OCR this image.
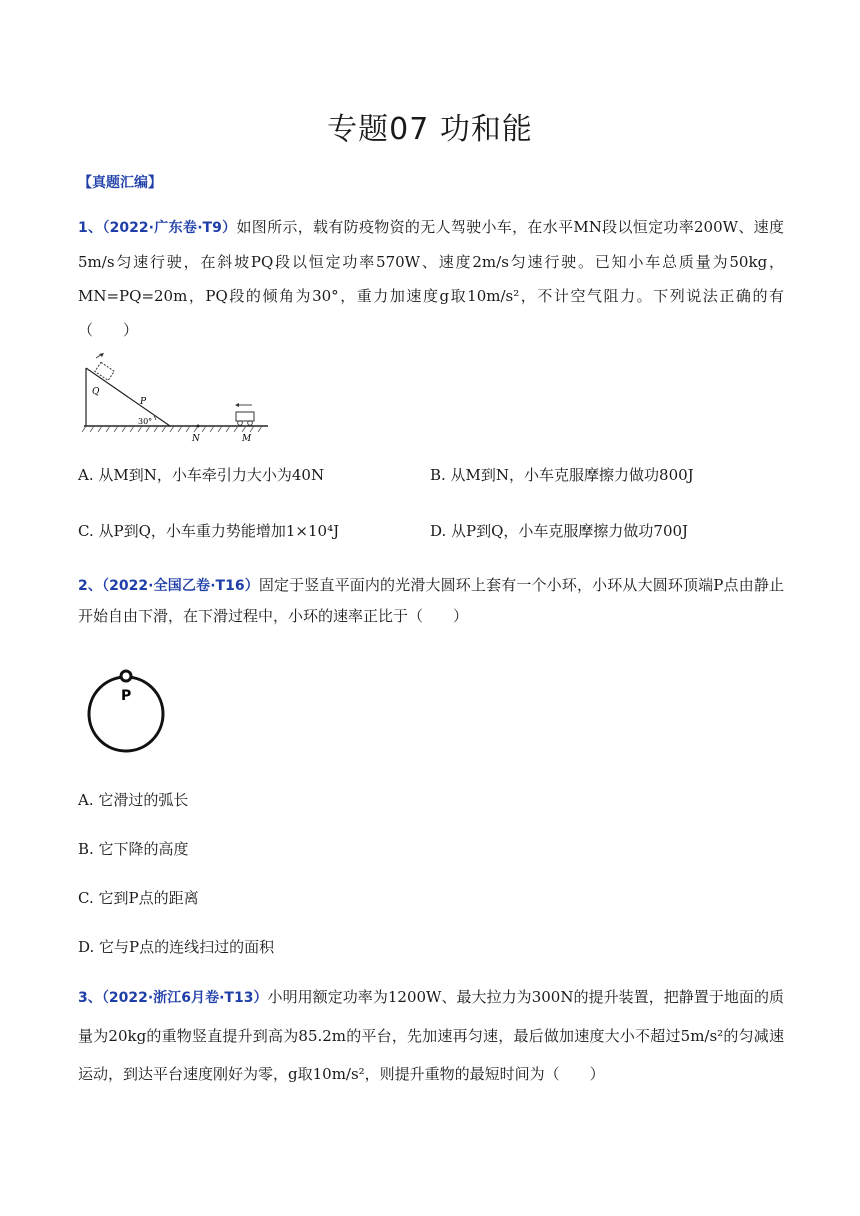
专题07 功和能
【真题汇编】
1、（2022·广东卷·T9）如图所示，载有防疫物资的无人驾驶小车，在水平MN段以恒定功率200W、速度5m/s匀速行驶，在斜坡PQ段以恒定功率570W、速度2m/s匀速行驶。已知小车总质量为50kg，MN=PQ=20m，PQ段的倾角为30°，重力加速度g取10m/s²，不计空气阻力。下列说法正确的有（　　）
Q
P
30°
N	M
A. 从M到N，小车牵引力大小为40N	B. 从M到N，小车克服摩擦力做功800J
C. 从P到Q，小车重力势能增加1×10⁴J	D. 从P到Q，小车克服摩擦力做功700J
2、（2022·全国乙卷·T16）固定于竖直平面内的光滑大圆环上套有一个小环，小环从大圆环顶端P点由静止开始自由下滑，在下滑过程中，小环的速率正比于（　　）
P
A. 它滑过的弧长
B. 它下降的高度
C. 它到P点的距离
D. 它与P点的连线扫过的面积
3、（2022·浙江6月卷·T13）小明用额定功率为1200W、最大拉力为300N的提升装置，把静置于地面的质量为20kg的重物竖直提升到高为85.2m的平台，先加速再匀速，最后做加速度大小不超过5m/s²的匀减速运动，到达平台速度刚好为零，g取10m/s²，则提升重物的最短时间为（　　）
